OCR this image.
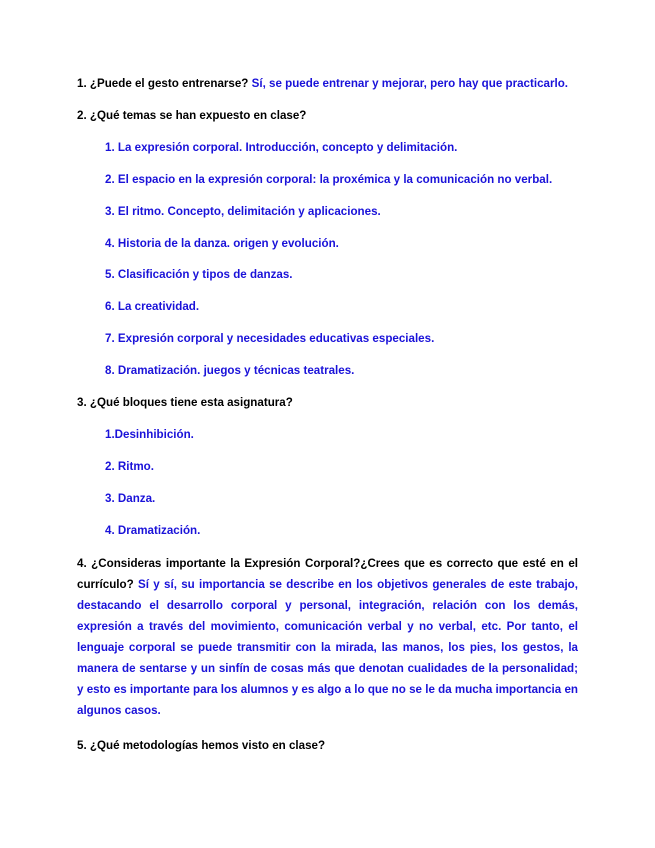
1. ¿Puede el gesto entrenarse? Sí, se puede entrenar y mejorar, pero hay que practicarlo.

2. ¿Qué temas se han expuesto en clase?

1. La expresión corporal. Introducción, concepto y delimitación.

2. El espacio en la expresión corporal: la proxémica y la comunicación no verbal.

3. El ritmo. Concepto, delimitación y aplicaciones.

4. Historia de la danza. origen y evolución.

5. Clasificación y tipos de danzas.

6. La creatividad.

7. Expresión corporal y necesidades educativas especiales.

8. Dramatización. juegos y técnicas teatrales.

3. ¿Qué bloques tiene esta asignatura?

1.Desinhibición.

2. Ritmo.

3. Danza.

4. Dramatización.

4. ¿Consideras importante la Expresión Corporal?¿Crees que es correcto que esté en el currículo? Sí y sí, su importancia se describe en los objetivos generales de este trabajo, destacando el desarrollo corporal y personal, integración, relación con los demás, expresión a través del movimiento, comunicación verbal y no verbal, etc. Por tanto, el lenguaje corporal se puede transmitir con la mirada, las manos, los pies, los gestos, la manera de sentarse y un sinfín de cosas más que denotan cualidades de la personalidad; y esto es importante para los alumnos y es algo a lo que no se le da mucha importancia en algunos casos.

5. ¿Qué metodologías hemos visto en clase?
